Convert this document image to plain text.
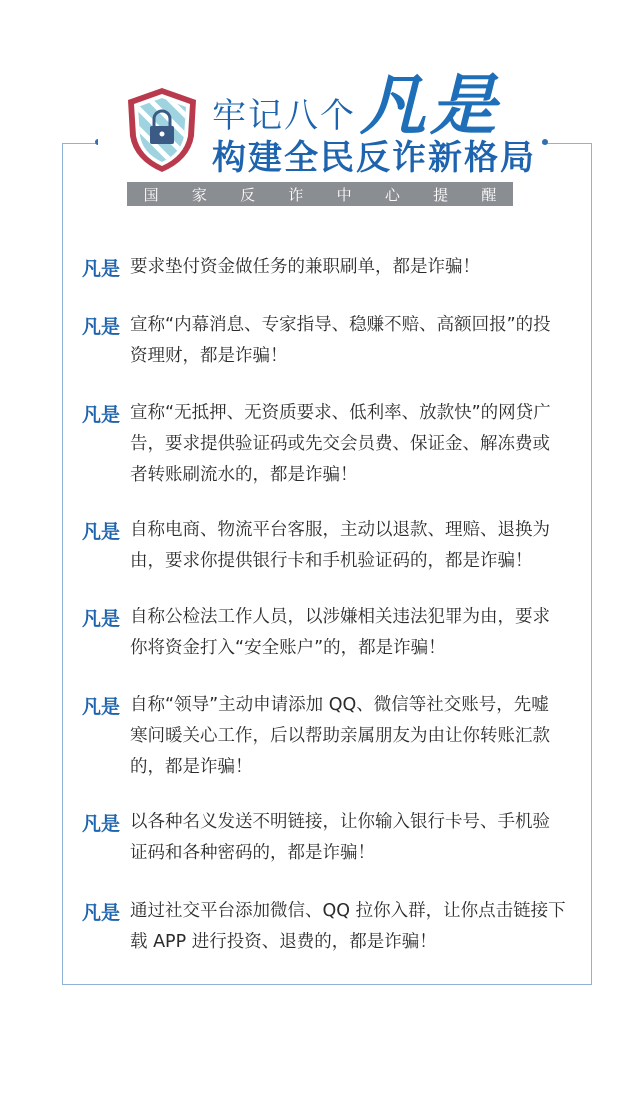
牢记八个 凡是
构建全民反诈新格局
国 家 反 诈 中 心 提 醒
凡是 要求垫付资金做任务的兼职刷单，都是诈骗！
凡是 宣称“内幕消息、专家指导、稳赚不赔、高额回报”的投资理财，都是诈骗！
凡是 宣称“无抵押、无资质要求、低利率、放款快”的网贷广告，要求提供验证码或先交会员费、保证金、解冻费或者转账刷流水的，都是诈骗！
凡是 自称电商、物流平台客服，主动以退款、理赔、退换为由，要求你提供银行卡和手机验证码的，都是诈骗！
凡是 自称公检法工作人员，以涉嫌相关违法犯罪为由，要求你将资金打入“安全账户”的，都是诈骗！
凡是 自称“领导”主动申请添加 QQ、微信等社交账号，先嘘寒问暖关心工作，后以帮助亲属朋友为由让你转账汇款的，都是诈骗！
凡是 以各种名义发送不明链接，让你输入银行卡号、手机验证码和各种密码的，都是诈骗！
凡是 通过社交平台添加微信、QQ 拉你入群，让你点击链接下载 APP 进行投资、退费的，都是诈骗！
